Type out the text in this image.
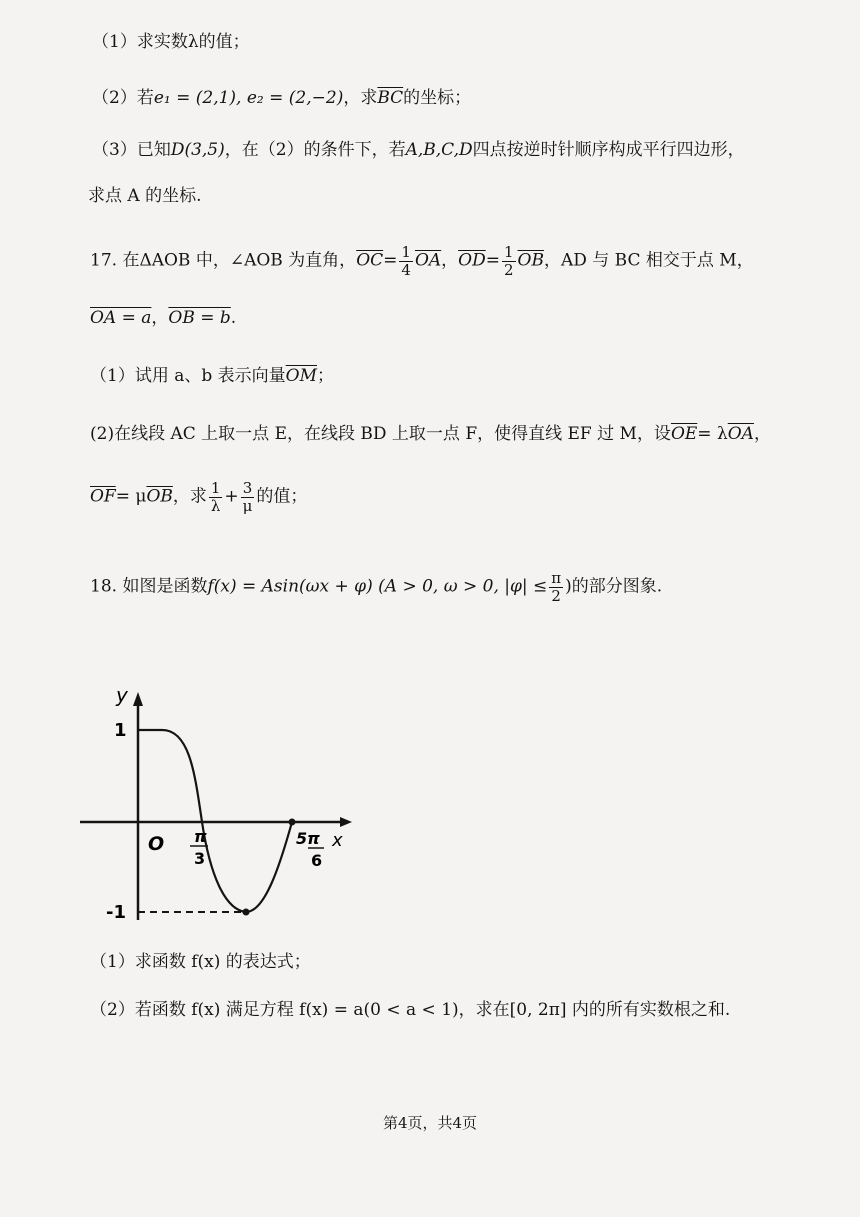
（1）求实数λ的值；
（2）若e₁ = (2,1), e₂ = (2,−2)，求$\overline{BC}$的坐标；
（3）已知D(3,5)，在（2）的条件下，若A,B,C,D四点按逆时针顺序构成平行四边形，
求点 A 的坐标.
17. 在ΔAOB 中，∠AOB 为直角，$\overline{OC}= \frac{1}{4} \overline{OA}$，$\overline{OD}= \frac{1}{2} \overline{OB}$，AD 与 BC 相交于点 M，
OA = a，OB = b.
（1）试用 a、b 表示向量$\overline{OM}$；
(2)在线段 AC 上取一点 E，在线段 BD 上取一点 F，使得直线 EF 过 M，设$\overline{OE}= \lambda\overline{OA}$，
$\overline{OF}= \mu\overline{OB}$，求 $\frac{1}{\lambda} + \frac{3}{\mu}$ 的值；
18. 如图是函数f(x) = Asin(ωx + φ) (A > 0, ω > 0, $|\varphi| \le \frac{\pi}{2}$ )的部分图象.
y
x
O
1
-1
π
3
5π
6
（1）求函数 f(x) 的表达式；
（2）若函数 f(x) 满足方程 f(x) = a(0 < a < 1)，求在[0, 2π] 内的所有实数根之和.
第4页，共4页
